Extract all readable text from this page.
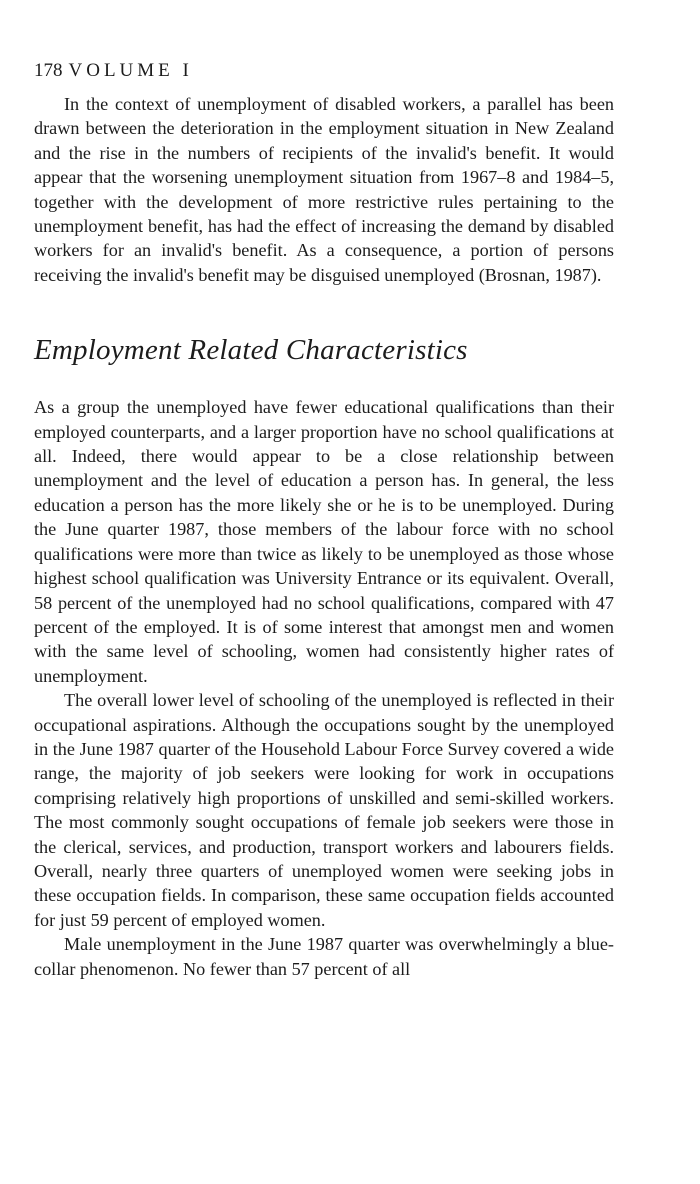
178 VOLUME I

In the context of unemployment of disabled workers, a parallel has been drawn between the deterioration in the employment situation in New Zealand and the rise in the numbers of recipients of the invalid's benefit. It would appear that the worsening unemployment situation from 1967–8 and 1984–5, together with the development of more restrictive rules pertaining to the unemployment benefit, has had the effect of increasing the demand by disabled workers for an invalid's benefit. As a consequence, a portion of persons receiving the invalid's benefit may be disguised unemployed (Brosnan, 1987).

Employment Related Characteristics

As a group the unemployed have fewer educational qualifications than their employed counterparts, and a larger proportion have no school qualifications at all. Indeed, there would appear to be a close relationship between unemployment and the level of education a person has. In general, the less education a person has the more likely she or he is to be unemployed. During the June quarter 1987, those members of the labour force with no school qualifications were more than twice as likely to be unemployed as those whose highest school qualification was University Entrance or its equivalent. Overall, 58 percent of the unemployed had no school qualifications, compared with 47 percent of the employed. It is of some interest that amongst men and women with the same level of schooling, women had consistently higher rates of unemployment.

The overall lower level of schooling of the unemployed is reflected in their occupational aspirations. Although the occupations sought by the unemployed in the June 1987 quarter of the Household Labour Force Survey covered a wide range, the majority of job seekers were looking for work in occupations comprising relatively high proportions of unskilled and semi-skilled workers. The most commonly sought occupations of female job seekers were those in the clerical, services, and production, transport workers and labourers fields. Overall, nearly three quarters of unemployed women were seeking jobs in these occupation fields. In comparison, these same occupation fields accounted for just 59 percent of employed women.

Male unemployment in the June 1987 quarter was overwhelmingly a blue-collar phenomenon. No fewer than 57 percent of all
